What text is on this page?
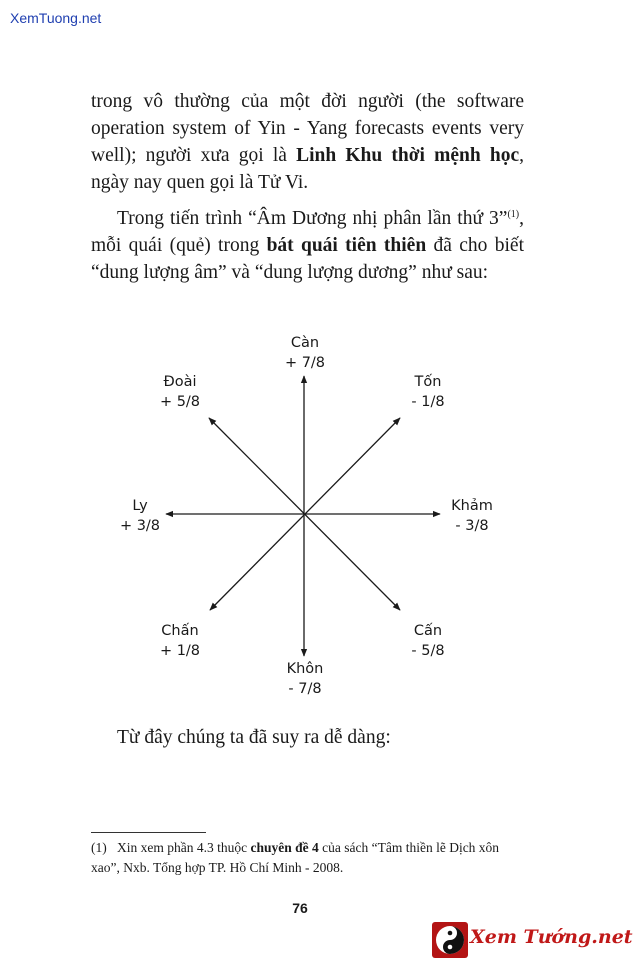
XemTuong.net

trong vô thường của một đời người (the software operation system of Yin - Yang forecasts events very well); người xưa gọi là Linh Khu thời mệnh học, ngày nay quen gọi là Tử Vi.

Trong tiến trình “Âm Dương nhị phân lần thứ 3”$^{(1)}$, mỗi quái (quẻ) trong bát quái tiên thiên đã cho biết “dung lượng âm” và “dung lượng dương” như sau:

Càn
+ 7/8
Tốn
- 1/8
Khảm
- 3/8
Cấn
- 5/8
Khôn
- 7/8
Chấn
+ 1/8
Ly
+ 3/8
Đoài
+ 5/8

Từ đây chúng ta đã suy ra dễ dàng:

(1) Xin xem phần 4.3 thuộc chuyên đề 4 của sách “Tâm thiền lẽ Dịch xôn xao”, Nxb. Tổng hợp TP. Hồ Chí Minh - 2008.

76
Xem Tướng.net
